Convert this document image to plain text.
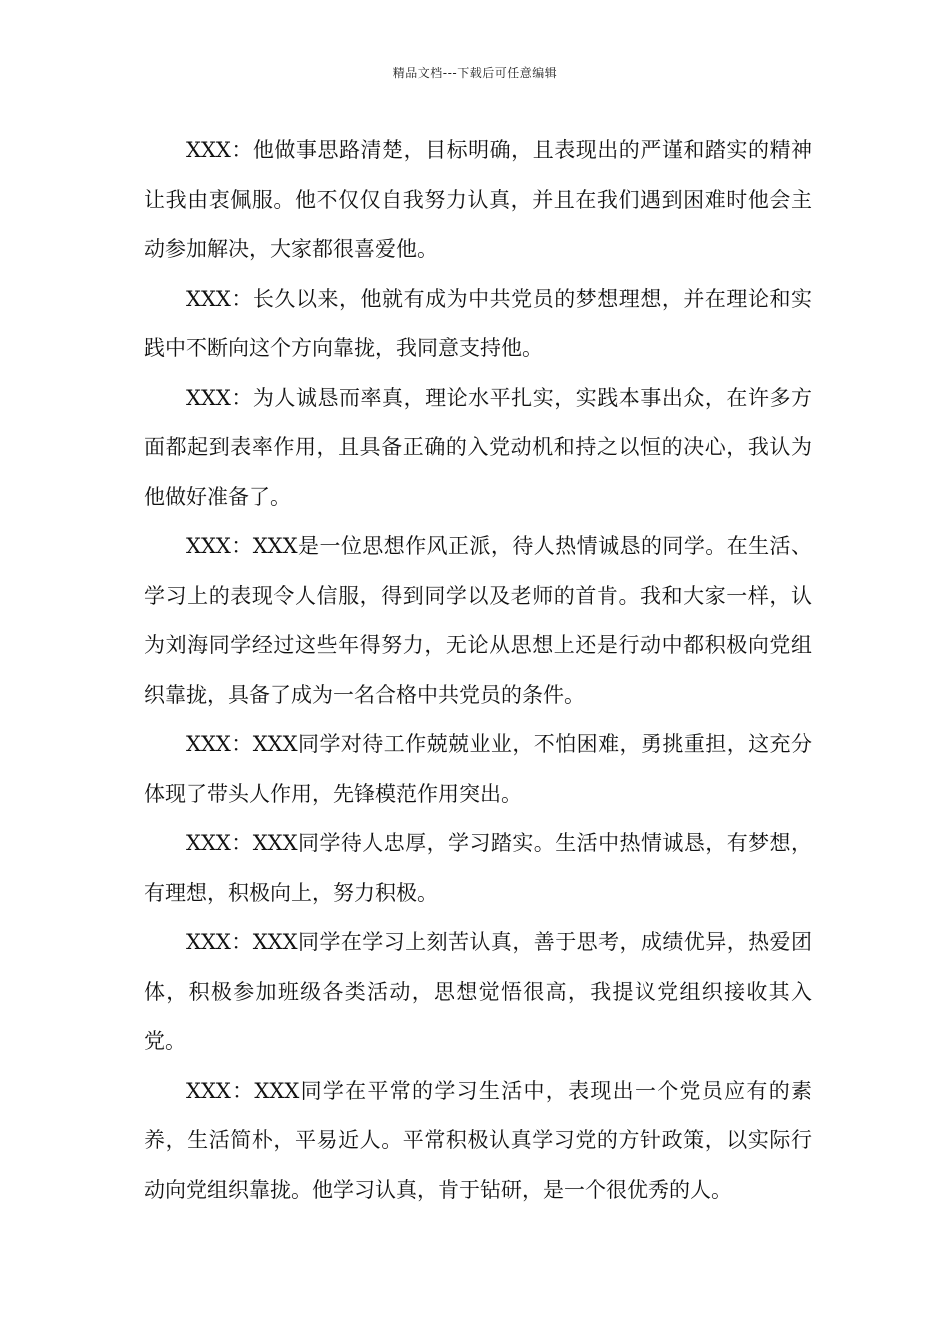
精品文档---下载后可任意编辑

XXX：他做事思路清楚，目标明确，且表现出的严谨和踏实的精神让我由衷佩服。他不仅仅自我努力认真，并且在我们遇到困难时他会主动参加解决，大家都很喜爱他。

XXX：长久以来，他就有成为中共党员的梦想理想，并在理论和实践中不断向这个方向靠拢，我同意支持他。

XXX：为人诚恳而率真，理论水平扎实，实践本事出众，在许多方面都起到表率作用，且具备正确的入党动机和持之以恒的决心，我认为他做好准备了。

XXX：XXX是一位思想作风正派，待人热情诚恳的同学。在生活、学习上的表现令人信服，得到同学以及老师的首肯。我和大家一样，认为刘海同学经过这些年得努力，无论从思想上还是行动中都积极向党组织靠拢，具备了成为一名合格中共党员的条件。

XXX：XXX同学对待工作兢兢业业，不怕困难，勇挑重担，这充分体现了带头人作用，先锋模范作用突出。

XXX：XXX同学待人忠厚，学习踏实。生活中热情诚恳，有梦想，有理想，积极向上，努力积极。

XXX：XXX同学在学习上刻苦认真，善于思考，成绩优异，热爱团体，积极参加班级各类活动，思想觉悟很高，我提议党组织接收其入党。

XXX：XXX同学在平常的学习生活中，表现出一个党员应有的素养，生活简朴，平易近人。平常积极认真学习党的方针政策，以实际行动向党组织靠拢。他学习认真，肯于钻研，是一个很优秀的人。
